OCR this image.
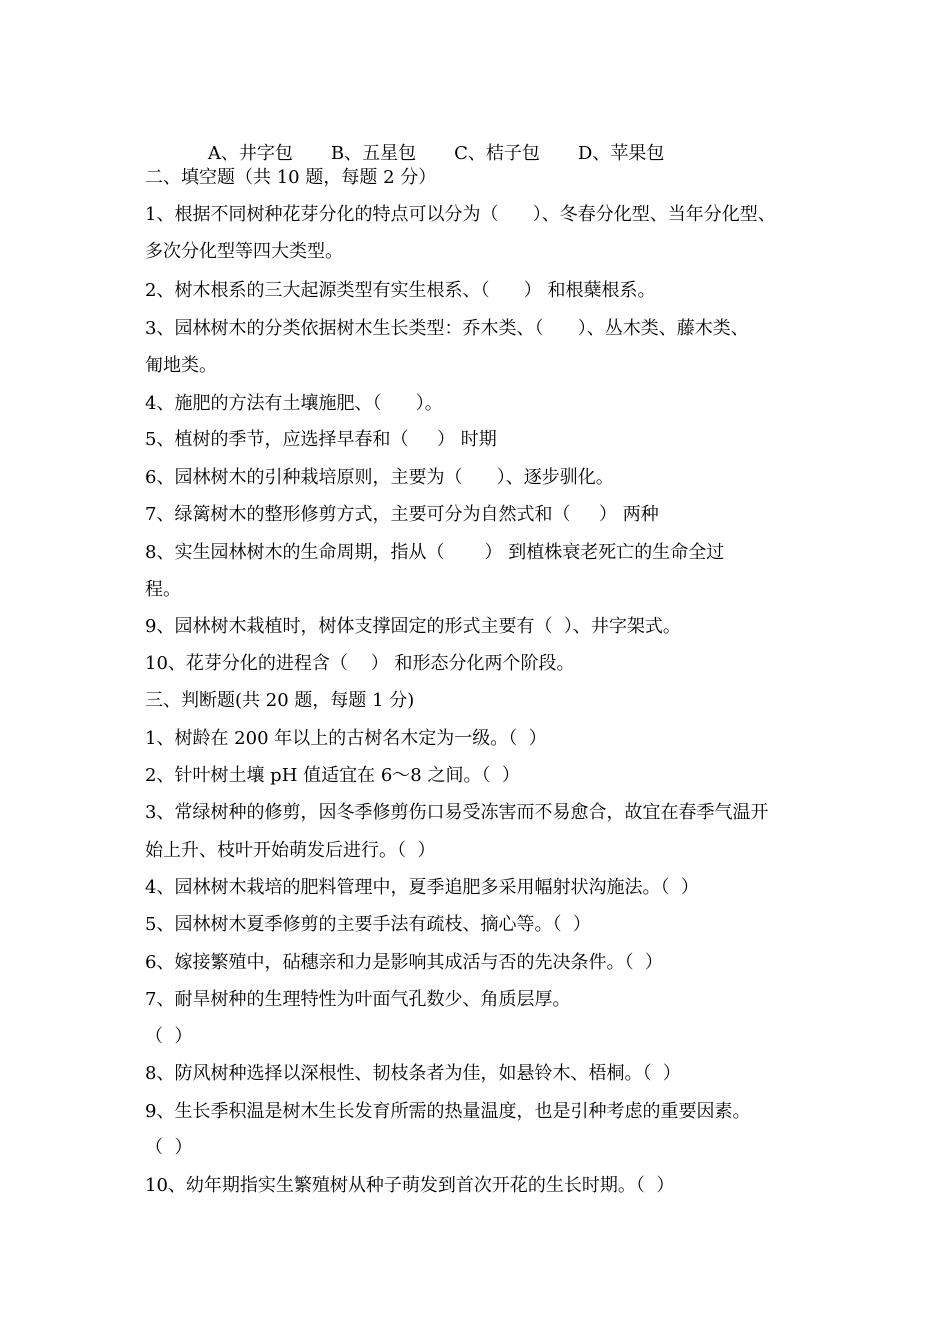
A、井字包 B、五星包 C、桔子包 D、苹果包

二、填空题（共 10 题，每题 2 分）
1、根据不同树种花芽分化的特点可以分为（      ）、冬春分化型、当年分化型、
多次分化型等四大类型。
2、树木根系的三大起源类型有实生根系、（      ） 和根蘖根系。
3、园林树木的分类依据树木生长类型：乔木类、（      ）、丛木类、藤木类、
匍地类。
4、施肥的方法有土壤施肥、（      ）。
5、植树的季节，应选择早春和（     ） 时期
6、园林树木的引种栽培原则，主要为（      ）、逐步驯化。
7、绿篱树木的整形修剪方式，主要可分为自然式和（     ） 两种
8、实生园林树木的生命周期，指从（       ） 到植株衰老死亡的生命全过
程。
9、园林树木栽植时，树体支撑固定的形式主要有（  ）、井字架式。
10、花芽分化的进程含（    ） 和形态分化两个阶段。
三、判断题(共 20 题，每题 1 分)
1、树龄在 200 年以上的古树名木定为一级。（  ）
2、针叶树土壤 pH 值适宜在 6～8 之间。（  ）
3、常绿树种的修剪，因冬季修剪伤口易受冻害而不易愈合，故宜在春季气温开
始上升、枝叶开始萌发后进行。（  ）
4、园林树木栽培的肥料管理中，夏季追肥多采用幅射状沟施法。（  ）
5、园林树木夏季修剪的主要手法有疏枝、摘心等。（  ）
6、嫁接繁殖中，砧穗亲和力是影响其成活与否的先决条件。（  ）
7、耐旱树种的生理特性为叶面气孔数少、角质层厚。
（  ）
8、防风树种选择以深根性、韧枝条者为佳，如悬铃木、梧桐。（  ）
9、生长季积温是树木生长发育所需的热量温度，也是引种考虑的重要因素。
（  ）
10、幼年期指实生繁殖树从种子萌发到首次开花的生长时期。（  ）
